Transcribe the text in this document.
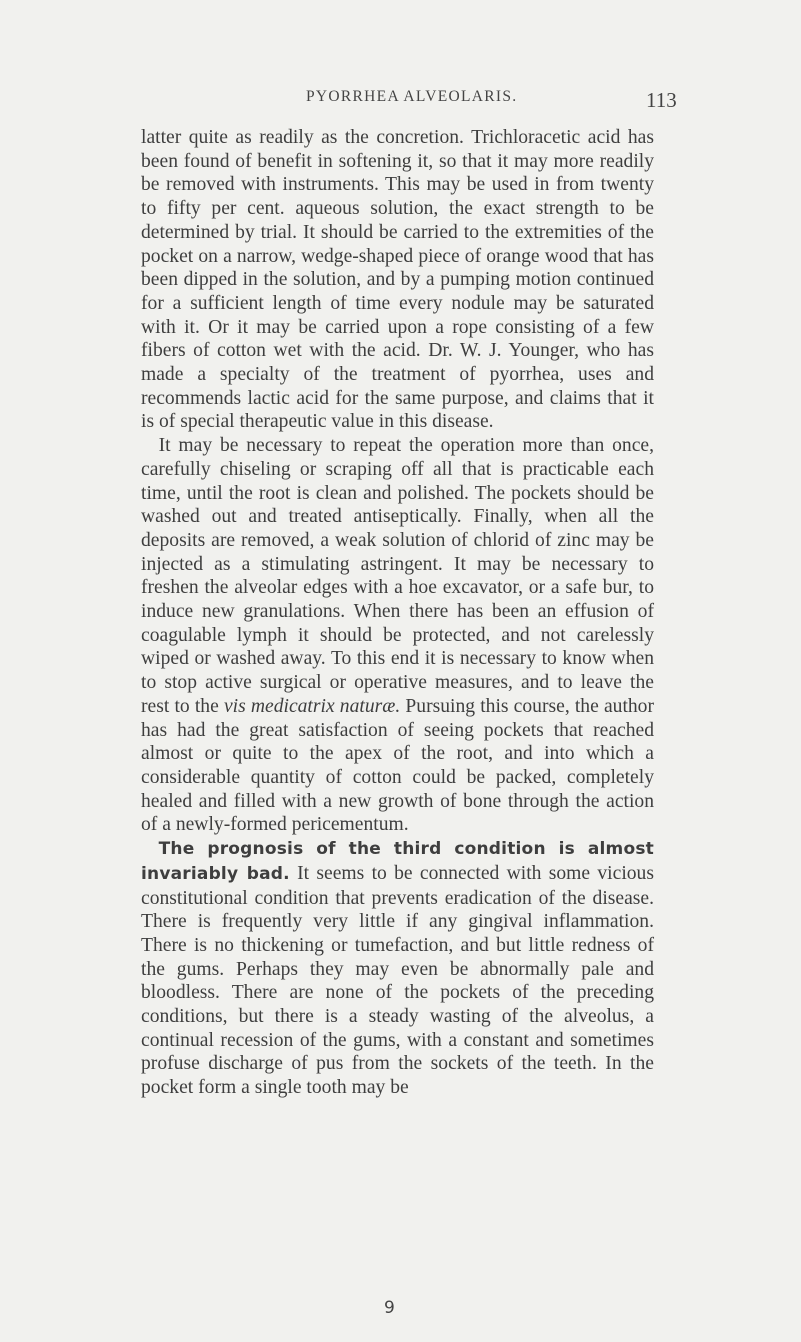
PYORRHEA ALVEOLARIS.	113

latter quite as readily as the concretion. Trichloracetic acid has been found of benefit in softening it, so that it may more readily be removed with instruments. This may be used in from twenty to fifty per cent. aqueous solution, the exact strength to be determined by trial. It should be carried to the extremities of the pocket on a narrow, wedge-shaped piece of orange wood that has been dipped in the solution, and by a pumping motion continued for a sufficient length of time every nodule may be saturated with it. Or it may be carried upon a rope consisting of a few fibers of cotton wet with the acid. Dr. W. J. Younger, who has made a specialty of the treatment of pyorrhea, uses and recommends lactic acid for the same purpose, and claims that it is of special therapeutic value in this disease.

It may be necessary to repeat the operation more than once, carefully chiseling or scraping off all that is practicable each time, until the root is clean and polished. The pockets should be washed out and treated antiseptically. Finally, when all the deposits are removed, a weak solution of chlorid of zinc may be injected as a stimulating astringent. It may be necessary to freshen the alveolar edges with a hoe excavator, or a safe bur, to induce new granulations. When there has been an effusion of coagulable lymph it should be protected, and not carelessly wiped or washed away. To this end it is necessary to know when to stop active surgical or operative measures, and to leave the rest to the vis medicatrix naturæ. Pursuing this course, the author has had the great satisfaction of seeing pockets that reached almost or quite to the apex of the root, and into which a considerable quantity of cotton could be packed, completely healed and filled with a new growth of bone through the action of a newly-formed pericementum.

The prognosis of the third condition is almost invariably bad. It seems to be connected with some vicious constitutional condition that prevents eradication of the disease. There is frequently very little if any gingival inflammation. There is no thickening or tumefaction, and but little redness of the gums. Perhaps they may even be abnormally pale and bloodless. There are none of the pockets of the preceding conditions, but there is a steady wasting of the alveolus, a continual recession of the gums, with a constant and sometimes profuse discharge of pus from the sockets of the teeth. In the pocket form a single tooth may be

9
